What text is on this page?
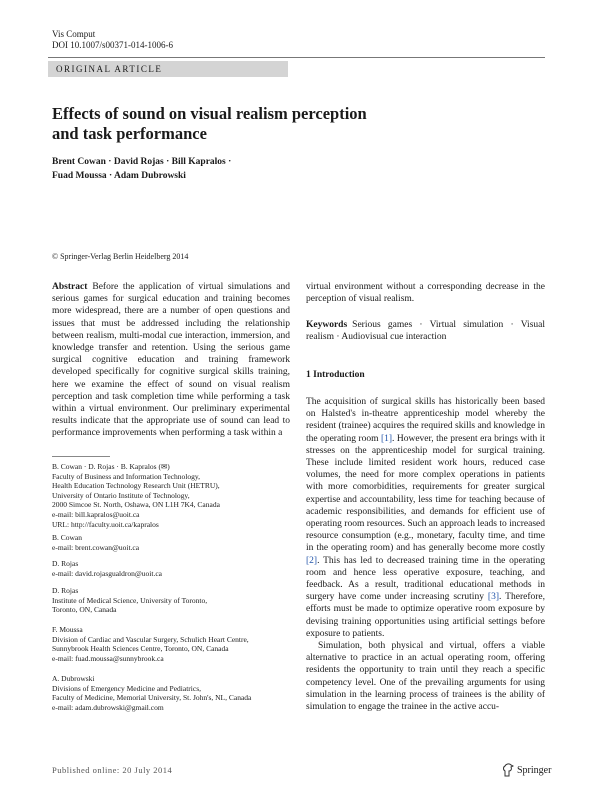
Vis Comput
DOI 10.1007/s00371-014-1006-6
ORIGINAL ARTICLE
Effects of sound on visual realism perception
and task performance
Brent Cowan · David Rojas · Bill Kapralos ·
Fuad Moussa · Adam Dubrowski
© Springer-Verlag Berlin Heidelberg 2014

Abstract Before the application of virtual simulations and serious games for surgical education and training becomes more widespread, there are a number of open questions and issues that must be addressed including the relationship between realism, multi-modal cue interaction, immersion, and knowledge transfer and retention. Using the serious game surgical cognitive education and training framework developed specifically for cognitive surgical skills training, here we examine the effect of sound on visual realism perception and task completion time while performing a task within a virtual environment. Our preliminary experimental results indicate that the appropriate use of sound can lead to performance improvements when performing a task within a

B. Cowan · D. Rojas · B. Kapralos (✉)

Faculty of Business and Information Technology,

Health Education Technology Research Unit (HETRU),

University of Ontario Institute of Technology,

2000 Simcoe St. North, Oshawa, ON L1H 7K4, Canada

e-mail: bill.kapralos@uoit.ca

URL: http://faculty.uoit.ca/kapralos

B. Cowan

e-mail: brent.cowan@uoit.ca

D. Rojas

e-mail: david.rojasgualdron@uoit.ca

D. Rojas

Institute of Medical Science, University of Toronto,

Toronto, ON, Canada

F. Moussa

Division of Cardiac and Vascular Surgery, Schulich Heart Centre,

Sunnybrook Health Sciences Centre, Toronto, ON, Canada

e-mail: fuad.moussa@sunnybrook.ca

A. Dubrowski

Divisions of Emergency Medicine and Pediatrics,

Faculty of Medicine, Memorial University, St. John's, NL, Canada

e-mail: adam.dubrowski@gmail.com

virtual environment without a corresponding decrease in the perception of visual realism.

Keywords Serious games · Virtual simulation · Visual realism · Audiovisual cue interaction

1 Introduction

The acquisition of surgical skills has historically been based on Halsted's in-theatre apprenticeship model whereby the resident (trainee) acquires the required skills and knowledge in the operating room [1]. However, the present era brings with it stresses on the apprenticeship model for surgical training. These include limited resident work hours, reduced case volumes, the need for more complex operations in patients with more comorbidities, requirements for greater surgical expertise and accountability, less time for teaching because of academic responsibilities, and demands for efficient use of operating room resources. Such an approach leads to increased resource consumption (e.g., monetary, faculty time, and time in the operating room) and has generally become more costly [2]. This has led to decreased training time in the operating room and hence less operative exposure, teaching, and feedback. As a result, traditional educational methods in surgery have come under increasing scrutiny [3]. Therefore, efforts must be made to optimize operative room exposure by devising training opportunities using artificial settings before exposure to patients.

Simulation, both physical and virtual, offers a viable alternative to practice in an actual operating room, offering residents the opportunity to train until they reach a specific competency level. One of the prevailing arguments for using simulation in the learning process of trainees is the ability of simulation to engage the trainee in the active accu-

Published online: 20 July 2014	Springer
